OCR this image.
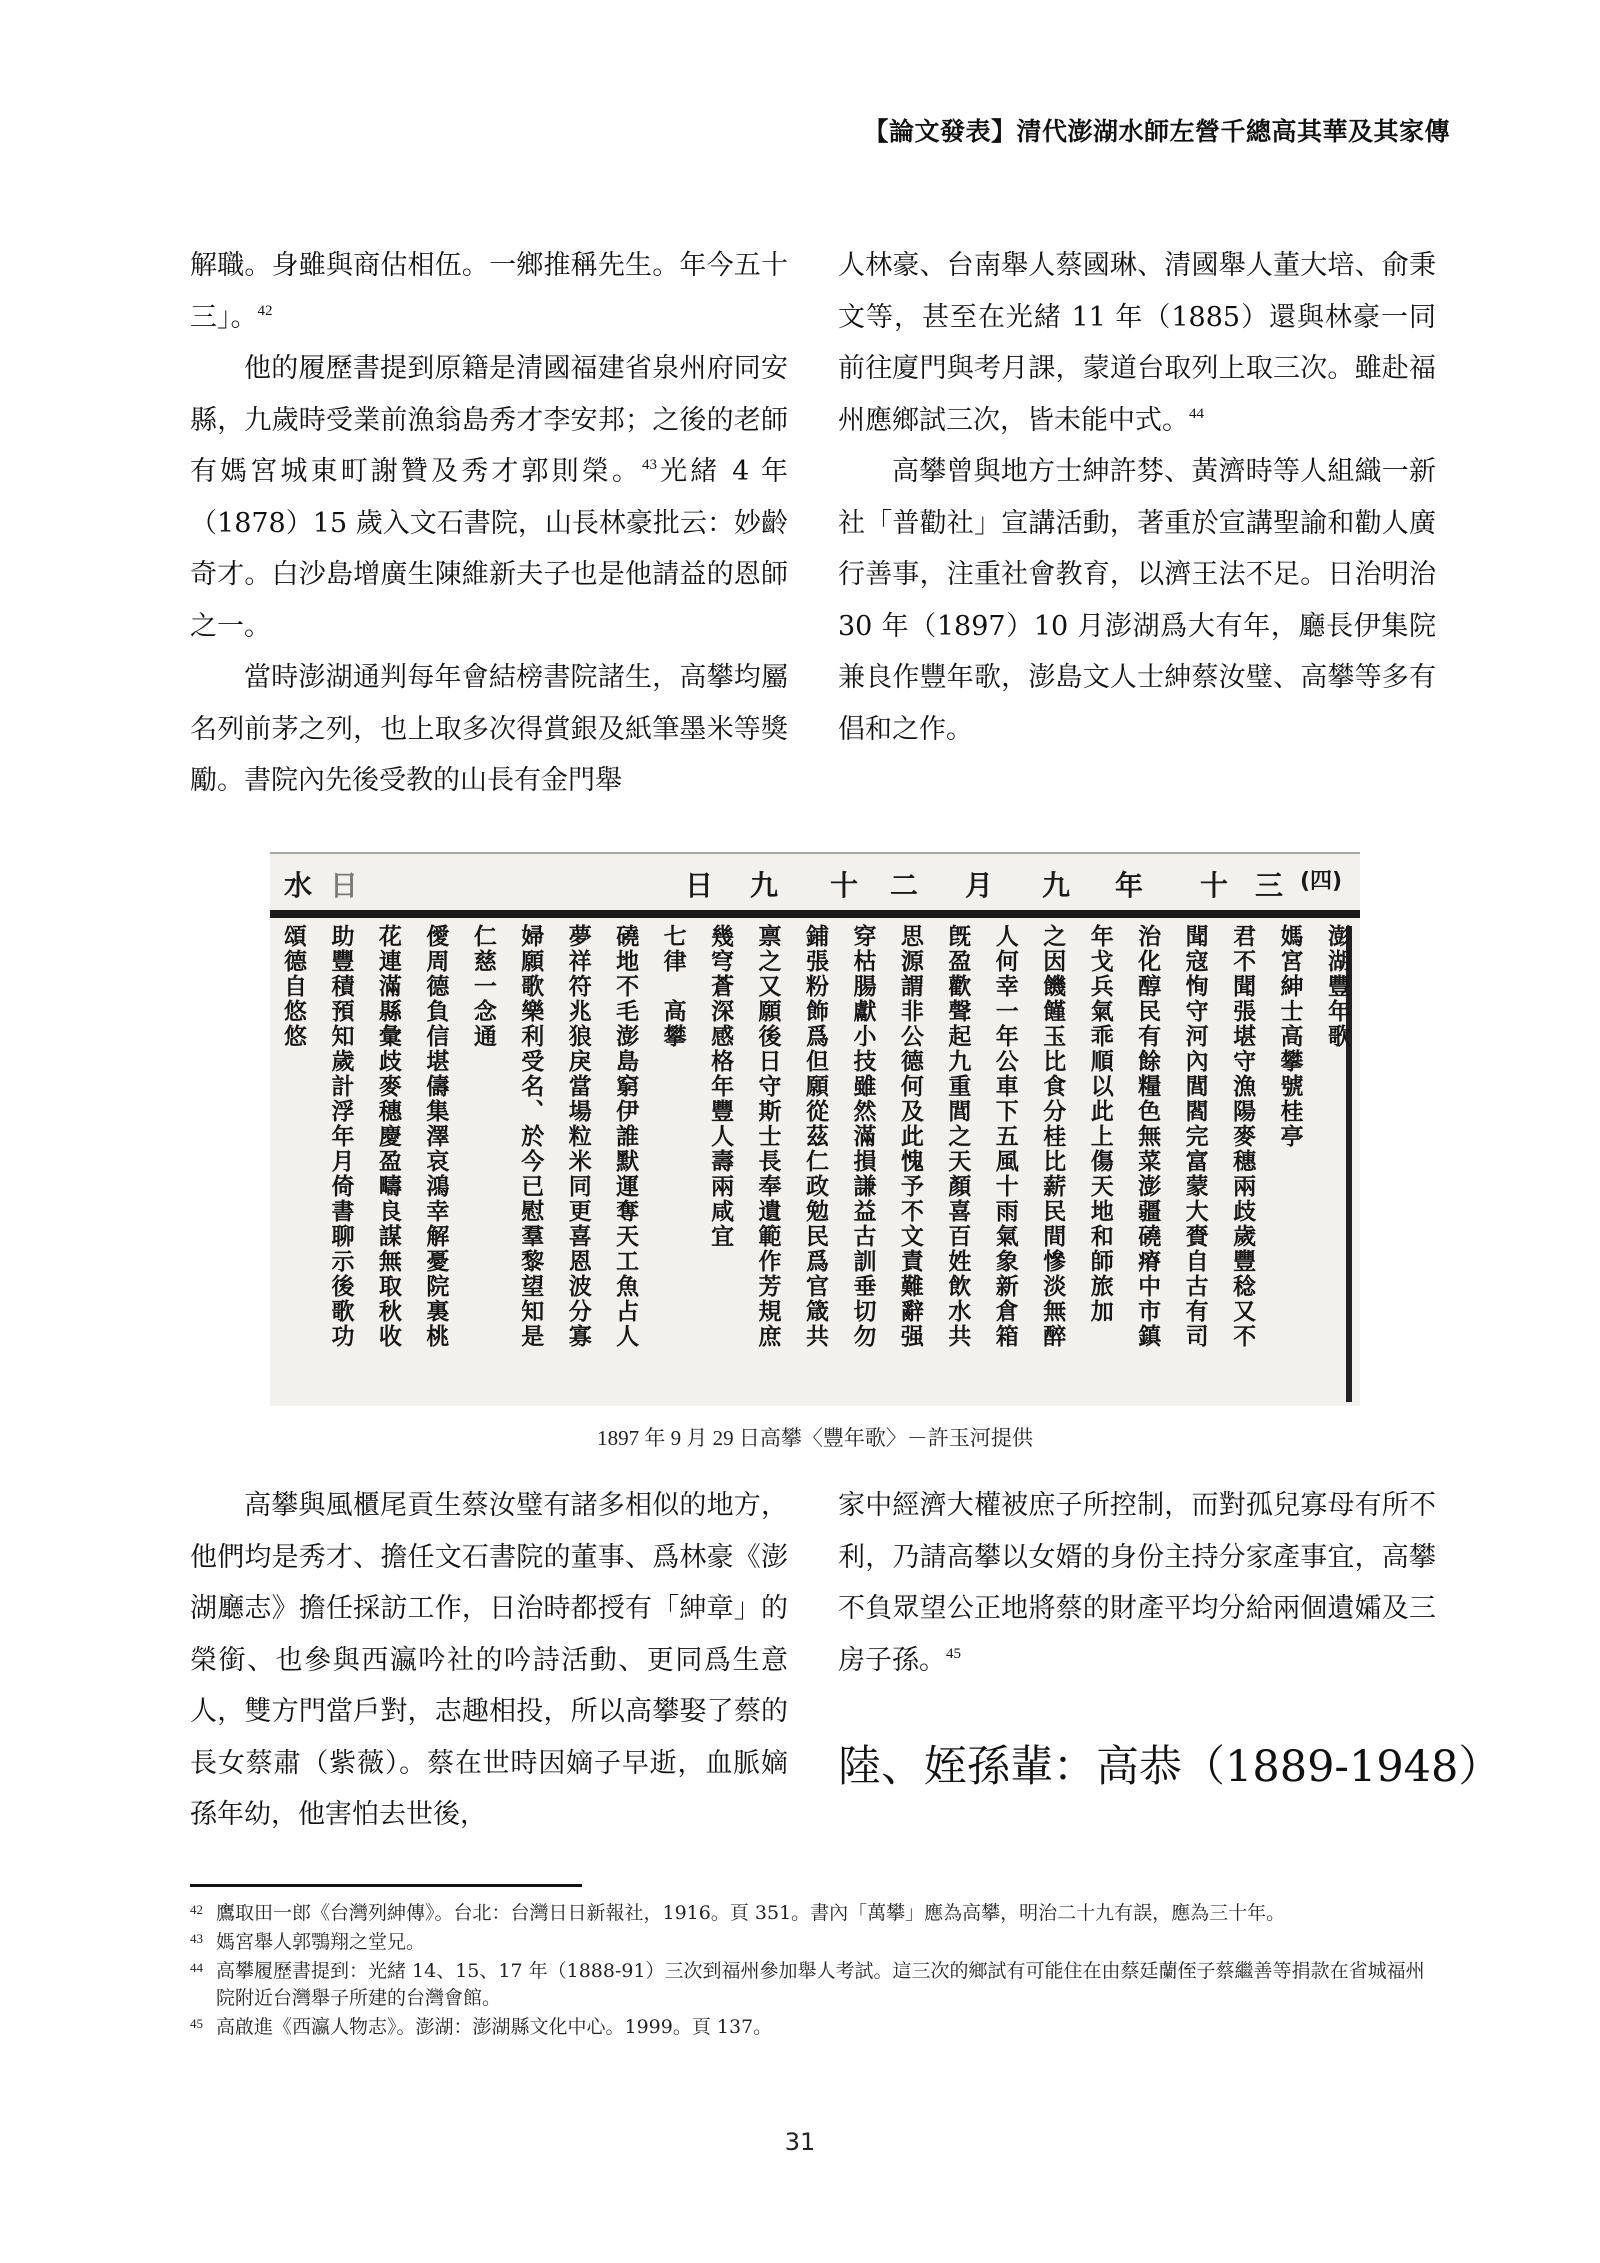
【論文發表】清代澎湖水師左營千總高其華及其家傳

解職。身雖與商估相伍。一鄉推稱先生。年今五十三」。$^{42}$

他的履歷書提到原籍是清國福建省泉州府同安縣，九歲時受業前漁翁島秀才李安邦；之後的老師有媽宮城東町謝贊及秀才郭則榮。$^{43}$光緒 4 年（1878）15 歲入文石書院，山長林豪批云：妙齡奇才。白沙島增廣生陳維新夫子也是他請益的恩師之一。

當時澎湖通判每年會結榜書院諸生，高攀均屬名列前茅之列，也上取多次得賞銀及紙筆墨米等獎勵。書院內先後受教的山長有金門舉

人林豪、台南舉人蔡國琳、清國舉人董大培、俞秉文等，甚至在光緒 11 年（1885）還與林豪一同前往廈門與考月課，蒙道台取列上取三次。雖赴福州應鄉試三次，皆未能中式。$^{44}$

高攀曾與地方士紳許棼、黃濟時等人組織一新社「普勸社」宣講活動，著重於宣講聖諭和勸人廣行善事，注重社會教育，以濟王法不足。日治明治 30 年（1897）10 月澎湖爲大有年，廳長伊集院兼良作豐年歌，澎島文人士紳蔡汝璧、高攀等多有倡和之作。

水 日	日 九 十 二 月 九 年 十 三 (四)
澎湖豐年歌
媽宮紳士高攀號桂亭
君不聞張堪守漁陽麥穗兩歧歲豐稔又不
聞寇恂守河內閭閻完富蒙大賚自古有司
治化醇民有餘糧色無菜澎疆磽瘠中市鎮
年戈兵氣乖順以此上傷天地和師旅加
之因饑饉玉比食分桂比薪民間慘淡無醉
人何幸一年公車下五風十雨氣象新倉箱
旣盈歡聲起九重閭之天顏喜百姓飲水共
思源謂非公德何及此愧予不文責難辭强
穿枯腸獻小技雖然滿損謙益古訓垂切勿
鋪張粉飾爲但願從茲仁政勉民爲官箴共
禀之又願後日守斯士長奉遺範作芳規庶
幾穹蒼深感格年豐人壽兩咸宜
七律　高攀
磽地不毛澎島窮伊誰默運奪天工魚占人
夢祥符兆狼戾當場粒米同更喜恩波分寡
婦願歌樂利受名、於今已慰羣黎望知是
仁慈一念通
僾周德負信堪儔集澤哀鴻幸解憂院裏桃
花連滿縣彙歧麥穗慶盈疇良謀無取秋收
助豐積預知歲計浮年月倚書聊示後歌功
頌德自悠悠
1897 年 9 月 29 日高攀〈豐年歌〉－許玉河提供

高攀與風櫃尾貢生蔡汝璧有諸多相似的地方，他們均是秀才、擔任文石書院的董事、爲林豪《澎湖廳志》擔任採訪工作，日治時都授有「紳章」的榮銜、也參與西瀛吟社的吟詩活動、更同爲生意人，雙方門當戶對，志趣相投，所以高攀娶了蔡的長女蔡肅（紫薇）。蔡在世時因嫡子早逝，血脈嫡孫年幼，他害怕去世後，

家中經濟大權被庶子所控制，而對孤兒寡母有所不利，乃請高攀以女婿的身份主持分家產事宜，高攀不負眾望公正地將蔡的財產平均分給兩個遺孀及三房子孫。$^{45}$

陸、姪孫輩：高恭（1889-1948）

42 鷹取田一郎《台灣列紳傳》。台北：台灣日日新報社，1916。頁 351。書內「萬攀」應為高攀，明治二十九有誤，應為三十年。

43 媽宮舉人郭鶚翔之堂兄。

44 高攀履歷書提到：光緒 14、15、17 年（1888-91）三次到福州參加舉人考試。這三次的鄉試有可能住在由蔡廷蘭侄子蔡繼善等捐款在省城福州院附近台灣舉子所建的台灣會館。

45 高啟進《西瀛人物志》。澎湖：澎湖縣文化中心。1999。頁 137。

31
